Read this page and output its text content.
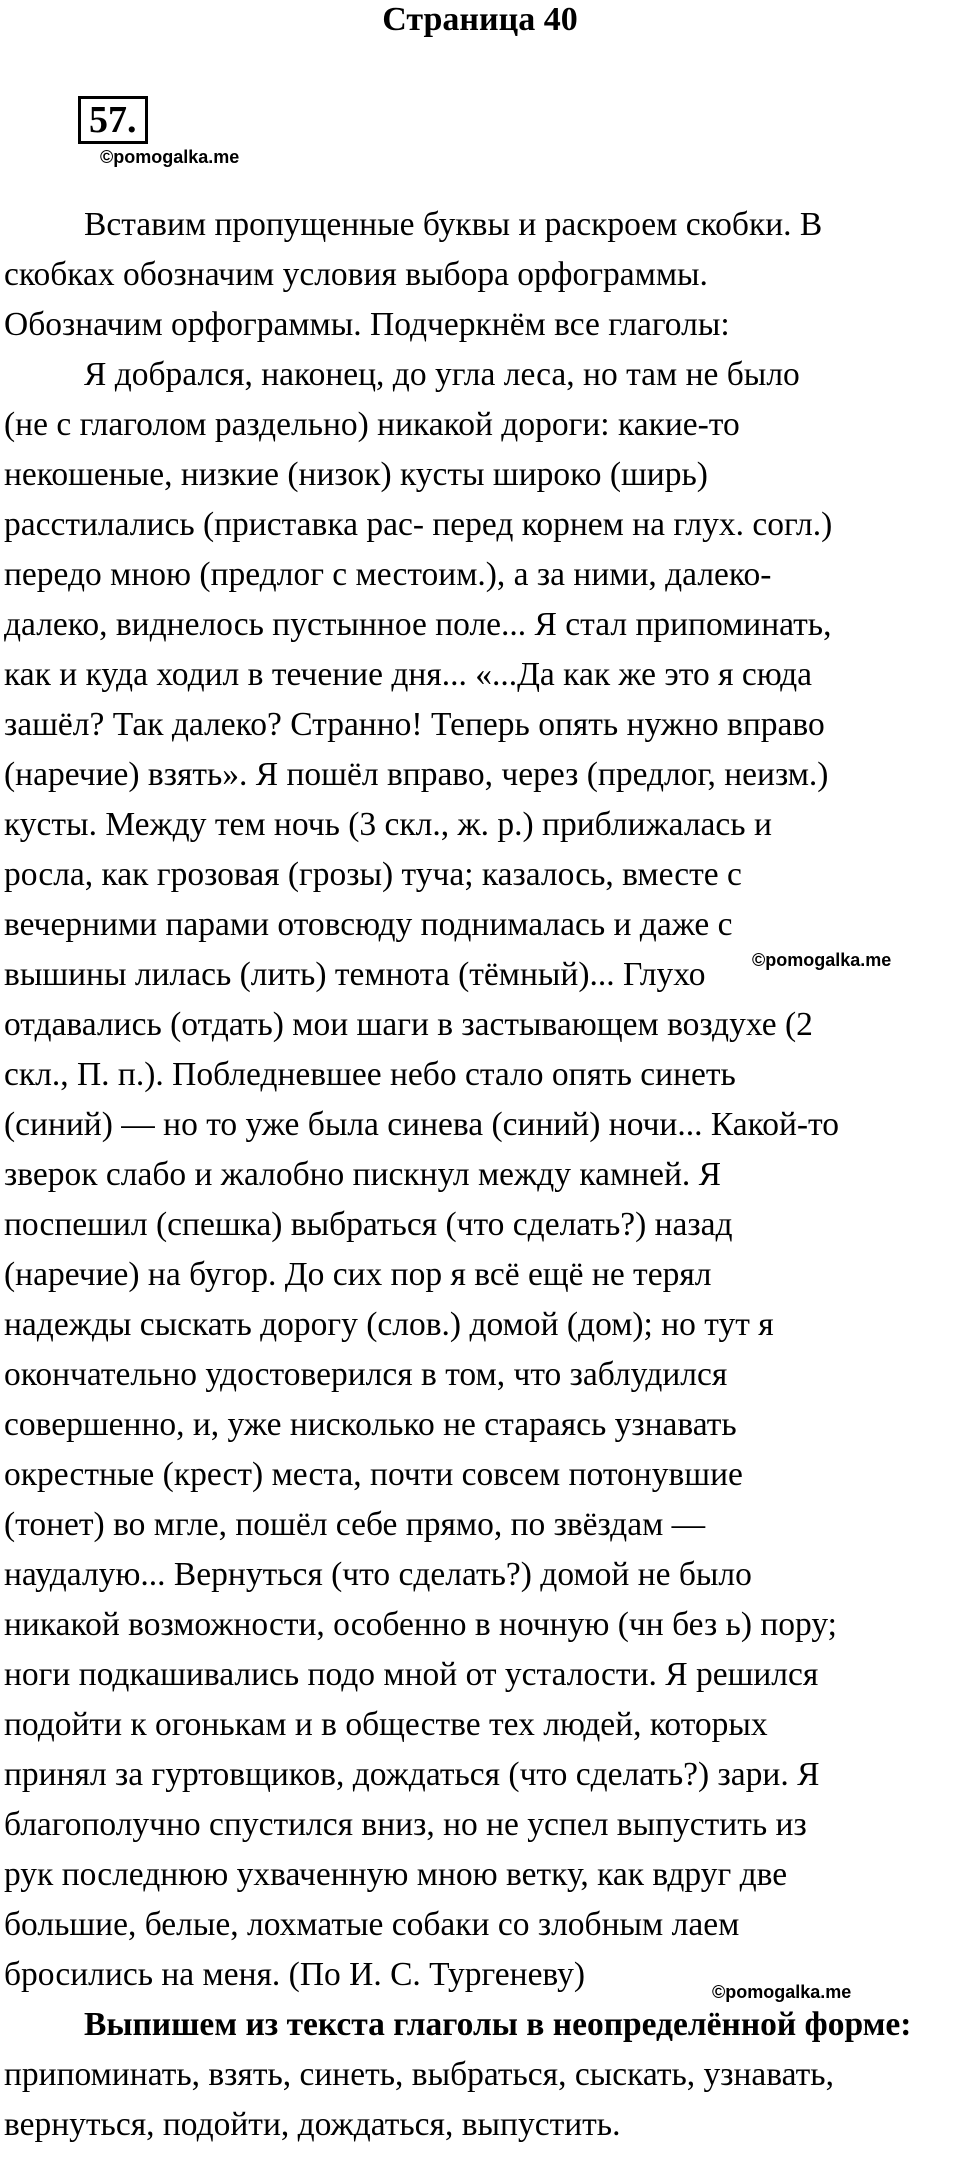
Страница 40
57.
©pomogalka.me
©pomogalka.me
©pomogalka.me
Вставим пропущенные буквы и раскроем скобки. В
скобках обозначим условия выбора орфограммы.
Обозначим орфограммы. Подчеркнём все глаголы:
Я добрался, наконец, до угла леса, но там не было
(не с глаголом раздельно) никакой дороги: какие-то
некошеные, низкие (низок) кусты широко (ширь)
расстилались (приставка рас- перед корнем на глух. согл.)
передо мною (предлог с местоим.), а за ними, далеко-
далеко, виднелось пустынное поле... Я стал припоминать,
как и куда ходил в течение дня... «...Да как же это я сюда
зашёл? Так далеко? Странно! Теперь опять нужно вправо
(наречие) взять». Я пошёл вправо, через (предлог, неизм.)
кусты. Между тем ночь (3 скл., ж. р.) приближалась и
росла, как грозовая (грозы) туча; казалось, вместе с
вечерними парами отовсюду поднималась и даже с
вышины лилась (лить) темнота (тёмный)... Глухо
отдавались (отдать) мои шаги в застывающем воздухе (2
скл., П. п.). Побледневшее небо стало опять синеть
(синий) — но то уже была синева (синий) ночи... Какой-то
зверок слабо и жалобно пискнул между камней. Я
поспешил (спешка) выбраться (что сделать?) назад
(наречие) на бугор. До сих пор я всё ещё не терял
надежды сыскать дорогу (слов.) домой (дом); но тут я
окончательно удостоверился в том, что заблудился
совершенно, и, уже нисколько не стараясь узнавать
окрестные (крест) места, почти совсем потонувшие
(тонет) во мгле, пошёл себе прямо, по звёздам —
наудалую... Вернуться (что сделать?) домой не было
никакой возможности, особенно в ночную (чн без ь) пору;
ноги подкашивались подо мной от усталости. Я решился
подойти к огонькам и в обществе тех людей, которых
принял за гуртовщиков, дождаться (что сделать?) зари. Я
благополучно спустился вниз, но не успел выпустить из
рук последнюю ухваченную мною ветку, как вдруг две
большие, белые, лохматые собаки со злобным лаем
бросились на меня. (По И. С. Тургеневу)
Выпишем из текста глаголы в неопределённой форме:
припоминать, взять, синеть, выбраться, сыскать, узнавать, вернуться, подойти, дождаться, выпустить.
